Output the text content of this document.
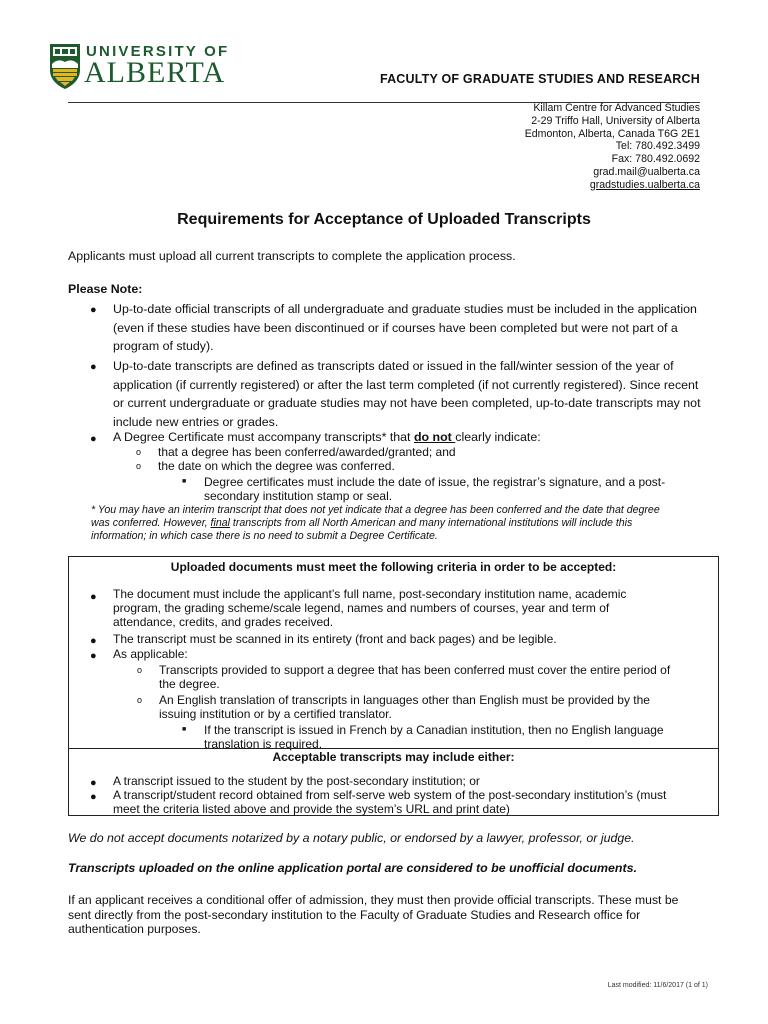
UNIVERSITY OF
ALBERTA	FACULTY OF GRADUATE STUDIES AND RESEARCH
Killam Centre for Advanced Studies
2-29 Triffo Hall, University of Alberta
Edmonton, Alberta, Canada T6G 2E1
Tel: 780.492.3499
Fax: 780.492.0692
grad.mail@ualberta.ca
gradstudies.ualberta.ca
Requirements for Acceptance of Uploaded Transcripts
Applicants must upload all current transcripts to complete the application process.
Please Note:
● Up-to-date official transcripts of all undergraduate and graduate studies must be included in the application
(even if these studies have been discontinued or if courses have been completed but were not part of a
program of study).
● Up-to-date transcripts are defined as transcripts dated or issued in the fall/winter session of the year of
application (if currently registered) or after the last term completed (if not currently registered). Since recent
or current undergraduate or graduate studies may not have been completed, up-to-date transcripts may not
include new entries or grades.
● A Degree Certificate must accompany transcripts* that do not clearly indicate:
o that a degree has been conferred/awarded/granted; and
o the date on which the degree was conferred.
■ Degree certificates must include the date of issue, the registrar’s signature, and a post-
secondary institution stamp or seal.
* You may have an interim transcript that does not yet indicate that a degree has been conferred and the date that degree
was conferred. However, final transcripts from all North American and many international institutions will include this
information; in which case there is no need to submit a Degree Certificate.
Uploaded documents must meet the following criteria in order to be accepted:
● The document must include the applicant’s full name, post-secondary institution name, academic
program, the grading scheme/scale legend, names and numbers of courses, year and term of
attendance, credits, and grades received.
● The transcript must be scanned in its entirety (front and back pages) and be legible.
● As applicable:
o Transcripts provided to support a degree that has been conferred must cover the entire period of
the degree.
o An English translation of transcripts in languages other than English must be provided by the
issuing institution or by a certified translator.
■ If the transcript is issued in French by a Canadian institution, then no English language
translation is required.
Acceptable transcripts may include either:
● A transcript issued to the student by the post-secondary institution; or
● A transcript/student record obtained from self-serve web system of the post-secondary institution’s (must
meet the criteria listed above and provide the system’s URL and print date)
We do not accept documents notarized by a notary public, or endorsed by a lawyer, professor, or judge.
Transcripts uploaded on the online application portal are considered to be unofficial documents.
If an applicant receives a conditional offer of admission, they must then provide official transcripts. These must be
sent directly from the post-secondary institution to the Faculty of Graduate Studies and Research office for
authentication purposes.
Last modified: 11/6/2017 (1 of 1)
